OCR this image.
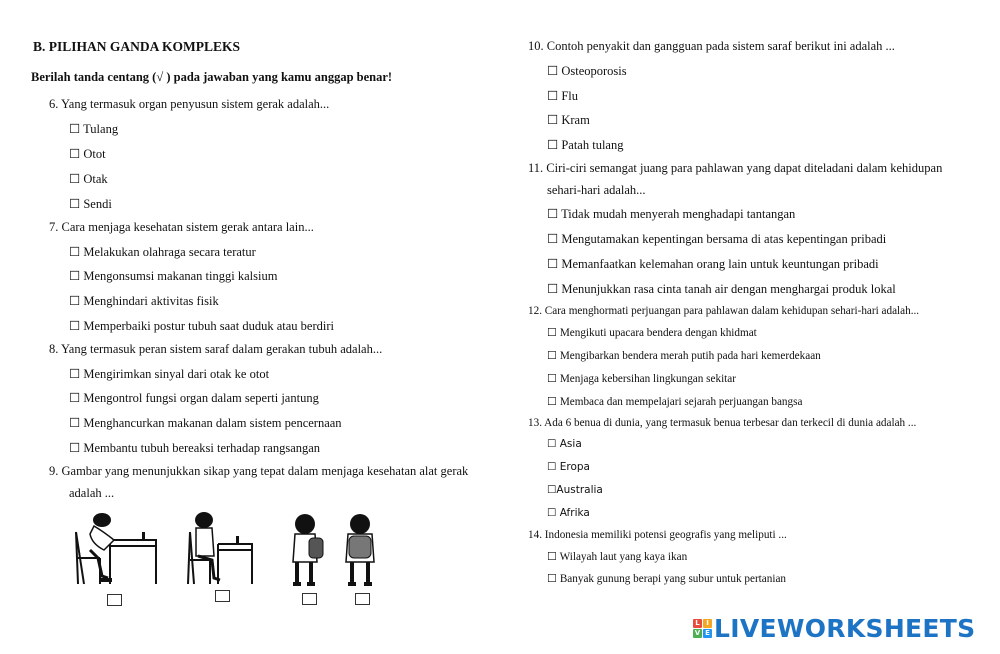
B. PILIHAN GANDA KOMPLEKS
Berilah tanda centang (√ ) pada jawaban yang kamu anggap benar!
6. Yang termasuk organ penyusun sistem gerak adalah...
☐ Tulang
☐ Otot
☐ Otak
☐ Sendi
7. Cara menjaga kesehatan sistem gerak antara lain...
☐ Melakukan olahraga secara teratur
☐ Mengonsumsi makanan tinggi kalsium
☐ Menghindari aktivitas fisik
☐ Memperbaiki postur tubuh saat duduk atau berdiri
8. Yang termasuk peran sistem saraf dalam gerakan tubuh adalah...
☐ Mengirimkan sinyal dari otak ke otot
☐ Mengontrol fungsi organ dalam seperti jantung
☐ Menghancurkan makanan dalam sistem pencernaan
☐ Membantu tubuh bereaksi terhadap rangsangan
9. Gambar yang menunjukkan sikap yang tepat dalam menjaga kesehatan alat gerak
adalah ...
10. Contoh penyakit dan gangguan pada sistem saraf berikut ini adalah ...
☐ Osteoporosis
☐ Flu
☐ Kram
☐ Patah tulang
11. Ciri-ciri semangat juang para pahlawan yang dapat diteladani dalam kehidupan
sehari-hari adalah...
☐ Tidak mudah menyerah menghadapi tantangan
☐ Mengutamakan kepentingan bersama di atas kepentingan pribadi
☐ Memanfaatkan kelemahan orang lain untuk keuntungan pribadi
☐ Menunjukkan rasa cinta tanah air dengan menghargai produk lokal
12. Cara menghormati perjuangan para pahlawan dalam kehidupan sehari-hari adalah...
☐ Mengikuti upacara bendera dengan khidmat
☐ Mengibarkan bendera merah putih pada hari kemerdekaan
☐ Menjaga kebersihan lingkungan sekitar
☐ Membaca dan mempelajari sejarah perjuangan bangsa
13. Ada 6 benua di dunia, yang termasuk benua terbesar dan terkecil di dunia adalah ...
☐ Asia
☐ Eropa
☐Australia
☐ Afrika
14. Indonesia memiliki potensi geografis yang meliputi ...
☐ Wilayah laut yang kaya ikan
☐ Banyak gunung berapi yang subur untuk pertanian
L I
V E LIVEWORKSHEETS
